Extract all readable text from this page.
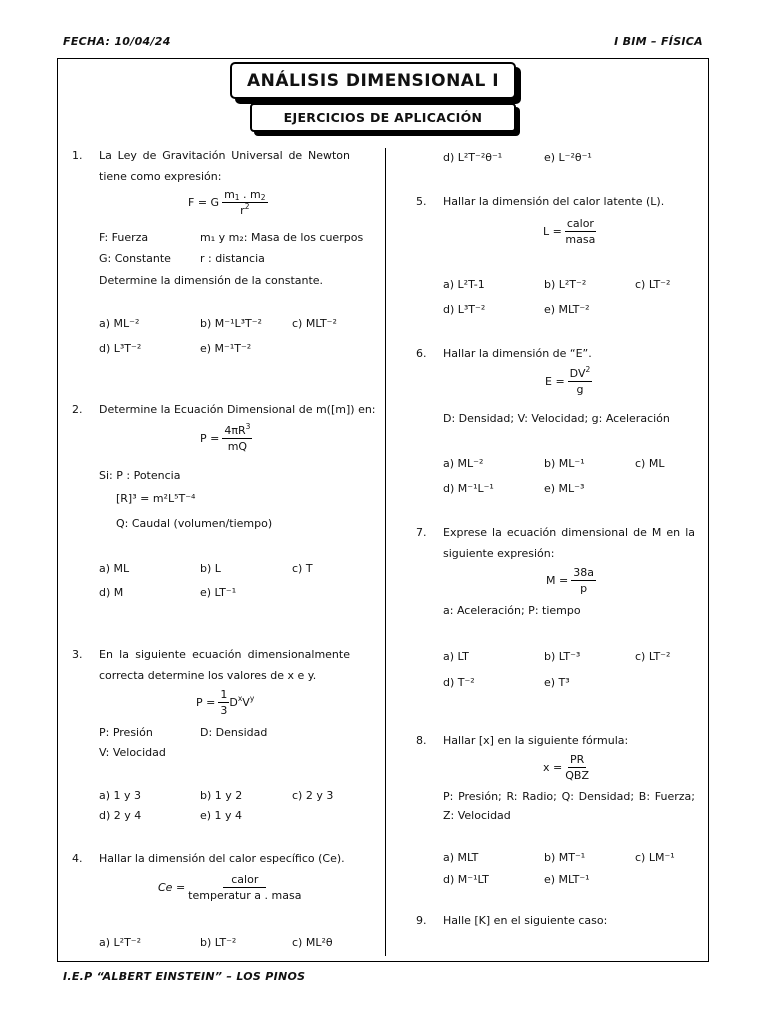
FECHA: 10/04/24	I BIM – FÍSICA
I.E.P “ALBERT EINSTEIN” – LOS PINOS
ANÁLISIS DIMENSIONAL I
EJERCICIOS DE APLICACIÓN
1. La Ley de Gravitación Universal de Newton
tiene como expresión:
F = G
$m_1$ . $m_2$
$r^2$
F: Fuerza	m₁ y m₂: Masa de los cuerpos
G: Constante	r : distancia
Determine la dimensión de la constante.
a) ML⁻²	b) M⁻¹L³T⁻²	c) MLT⁻²
d) L³T⁻²	e) M⁻¹T⁻²
2. Determine la Ecuación Dimensional de m([m]) en:
$P = \frac{4\pi R^3}{mQ}$
Si: P : Potencia
[R]³ = m²L⁵T⁻⁴
Q: Caudal (volumen/tiempo)
a) ML	b) L	c) T
d) M	e) LT⁻¹
3. En la siguiente ecuación dimensionalmente
correcta determine los valores de x e y.
$P = \frac{1}{3} D^xV^y$
P: Presión	D: Densidad
V: Velocidad
a) 1 y 3	b) 1 y 2	c) 2 y 3
d) 2 y 4	e) 1 y 4
4. Hallar la dimensión del calor específico (Ce).
Ce =
calor
temperatur a . masa
a) L²T⁻²	b) LT⁻²	c) ML²θ
d) L²T⁻²θ⁻¹	e) L⁻²θ⁻¹
5. Hallar la dimensión del calor latente (L).
L =
calor
masa
a) L²T-1	b) L²T⁻²	c) LT⁻²
d) L³T⁻²	e) MLT⁻²
6. Hallar la dimensión de “E”.
$E = \frac{DV^2}{g}$
D: Densidad; V: Velocidad; g: Aceleración
a) ML⁻²	b) ML⁻¹	c) ML
d) M⁻¹L⁻¹	e) ML⁻³
7. Exprese la ecuación dimensional de M en la
siguiente expresión:
$M = \frac{38a}{p}$
a: Aceleración; P: tiempo
a) LT	b) LT⁻³	c) LT⁻²
d) T⁻²	e) T³
8. Hallar [x] en la siguiente fórmula:
x =
PR
QBZ
P: Presión; R: Radio; Q: Densidad; B: Fuerza;
Z: Velocidad
a) MLT	b) MT⁻¹	c) LM⁻¹
d) M⁻¹LT	e) MLT⁻¹
9. Halle [K] en el siguiente caso:
